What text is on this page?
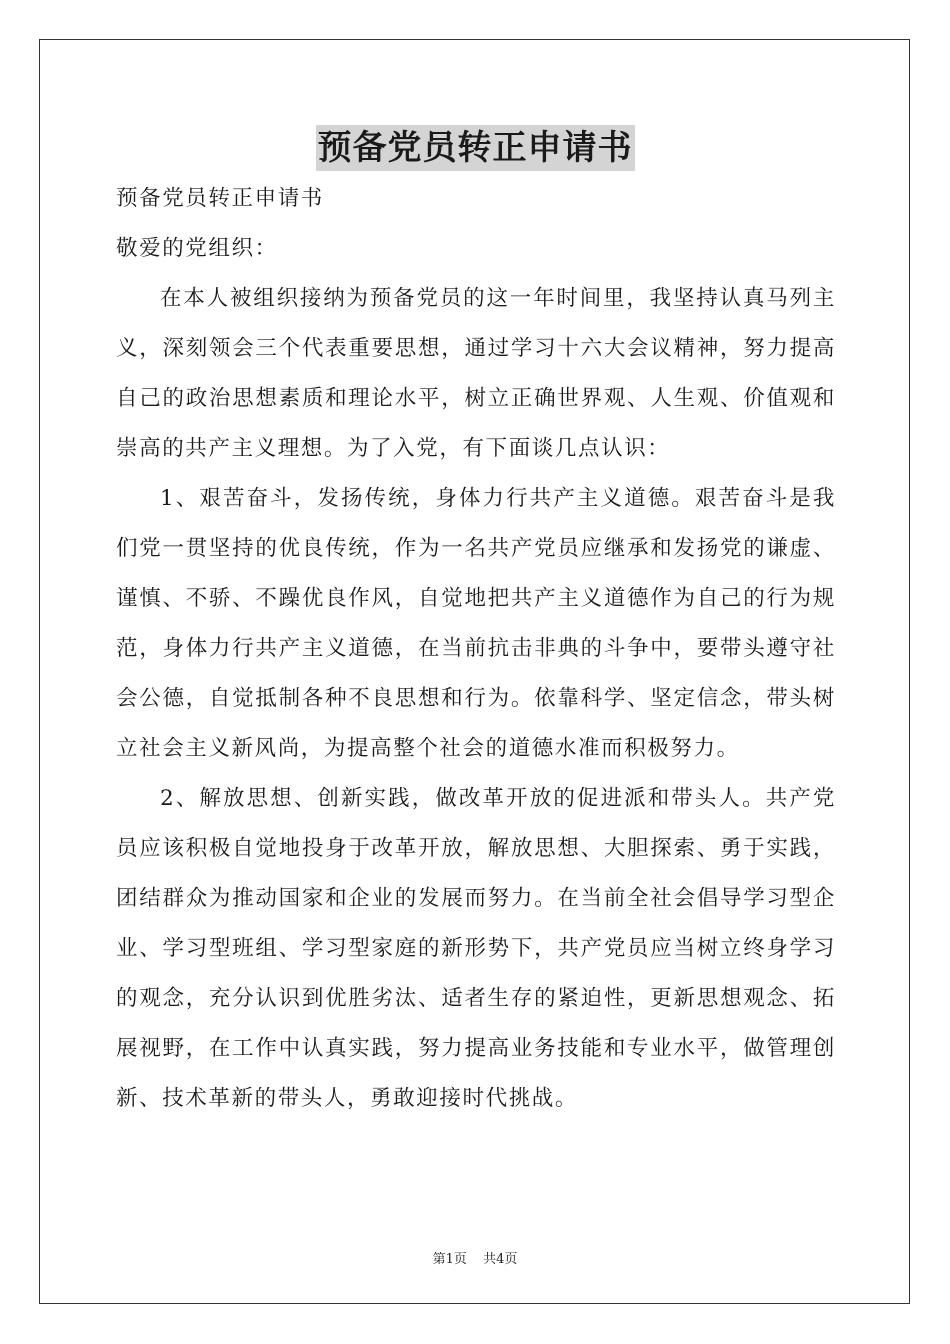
预备党员转正申请书
预备党员转正申请书
敬爱的党组织：
在本人被组织接纳为预备党员的这一年时间里，我坚持认真马列主义，深刻领会三个代表重要思想，通过学习十六大会议精神，努力提高自己的政治思想素质和理论水平，树立正确世界观、人生观、价值观和崇高的共产主义理想。为了入党，有下面谈几点认识：
1、艰苦奋斗，发扬传统，身体力行共产主义道德。艰苦奋斗是我们党一贯坚持的优良传统，作为一名共产党员应继承和发扬党的谦虚、谨慎、不骄、不躁优良作风，自觉地把共产主义道德作为自己的行为规范，身体力行共产主义道德，在当前抗击非典的斗争中，要带头遵守社会公德，自觉抵制各种不良思想和行为。依靠科学、坚定信念，带头树立社会主义新风尚，为提高整个社会的道德水准而积极努力。
2、解放思想、创新实践，做改革开放的促进派和带头人。共产党员应该积极自觉地投身于改革开放，解放思想、大胆探索、勇于实践，团结群众为推动国家和企业的发展而努力。在当前全社会倡导学习型企业、学习型班组、学习型家庭的新形势下，共产党员应当树立终身学习的观念，充分认识到优胜劣汰、适者生存的紧迫性，更新思想观念、拓展视野，在工作中认真实践，努力提高业务技能和专业水平，做管理创新、技术革新的带头人，勇敢迎接时代挑战。
第1页 共4页
